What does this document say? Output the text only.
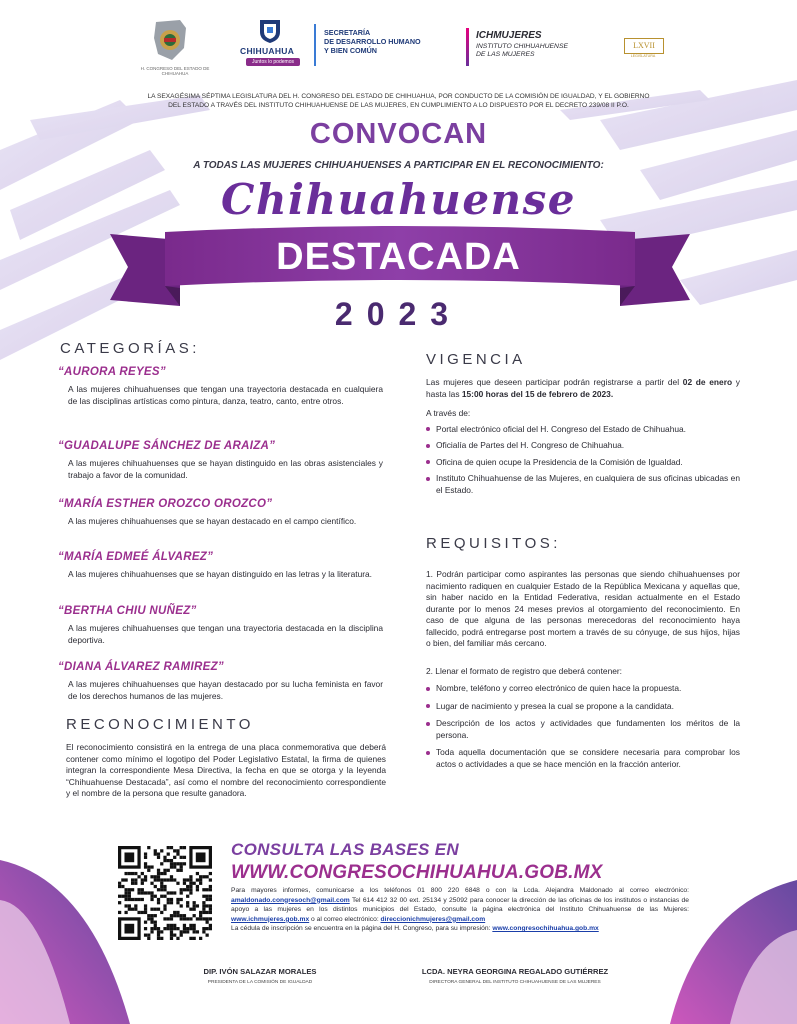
H. CONGRESO DEL ESTADO DE CHIHUAHUA
CHIHUAHUA
Juntos lo podemos
SECRETARÍA
DE DESARROLLO HUMANO
Y BIEN COMÚN
ICHMUJERES
INSTITUTO CHIHUAHUENSE
DE LAS MUJERES
LXVII
LEGISLATURA
LA SEXAGÉSIMA SÉPTIMA LEGISLATURA DEL H. CONGRESO DEL ESTADO DE CHIHUAHUA, POR CONDUCTO DE LA COMISIÓN DE IGUALDAD, Y EL GOBIERNO
DEL ESTADO A TRAVÉS DEL INSTITUTO CHIHUAHUENSE DE LAS MUJERES, EN CUMPLIMIENTO A LO DISPUESTO POR EL DECRETO 239/08 II P.O.
CONVOCAN
A TODAS LAS MUJERES CHIHUAHUENSES A PARTICIPAR EN EL RECONOCIMIENTO:
Chihuahuense
DESTACADA
2023
CATEGORÍAS:
“AURORA REYES”
A las mujeres chihuahuenses que tengan una trayectoria destacada en cualquiera de las disciplinas artísticas como pintura, danza, teatro, canto, entre otros.
“GUADALUPE SÁNCHEZ DE ARAIZA”
A las mujeres chihuahuenses que se hayan distinguido en las obras asistenciales y trabajo a favor de la comunidad.
“MARÍA ESTHER OROZCO OROZCO”
A las mujeres chihuahuenses que se hayan destacado en el campo científico.
“MARÍA EDMEÉ ÁLVAREZ”
A las mujeres chihuahuenses que se hayan distinguido en las letras y la literatura.
“BERTHA CHIU NUÑEZ”
A las mujeres chihuahuenses que tengan una trayectoria destacada en la disciplina deportiva.
“DIANA ÁLVAREZ RAMIREZ”
A las mujeres chihuahuenses que hayan destacado por su lucha feminista en favor de los derechos humanos de las mujeres.
RECONOCIMIENTO
El reconocimiento consistirá en la entrega de una placa conmemorativa que deberá contener como mínimo el logotipo del Poder Legislativo Estatal, la firma de quienes integran la correspondiente Mesa Directiva, la fecha en que se otorga y la leyenda “Chihuahuense Destacada”, así como el nombre del reconocimiento correspondiente y el nombre de la persona que resulte ganadora.
VIGENCIA
Las mujeres que deseen participar podrán registrarse a partir del 02 de enero y hasta las 15:00 horas del 15 de febrero de 2023.
A través de:
Portal electrónico oficial del H. Congreso del Estado de Chihuahua.
Oficialía de Partes del H. Congreso de Chihuahua.
Oficina de quien ocupe la Presidencia de la Comisión de Igualdad.
Instituto Chihuahuense de las Mujeres, en cualquiera de sus oficinas ubicadas en el Estado.
REQUISITOS:
1. Podrán participar como aspirantes las personas que siendo chihuahuenses por nacimiento radiquen en cualquier Estado de la República Mexicana y aquellas que, sin haber nacido en la Entidad Federativa, residan actualmente en el Estado durante por lo menos 24 meses previos al otorgamiento del reconocimiento. En caso de que alguna de las personas merecedoras del reconocimiento haya fallecido, podrá entregarse post mortem a través de su cónyuge, de sus hijos, hijas o bien, del familiar más cercano.
2. Llenar el formato de registro que deberá contener:
Nombre, teléfono y correo electrónico de quien hace la propuesta.
Lugar de nacimiento y presea la cual se propone a la candidata.
Descripción de los actos y actividades que fundamenten los méritos de la persona.
Toda aquella documentación que se considere necesaria para comprobar los actos o actividades a que se hace mención en la fracción anterior.
CONSULTA LAS BASES EN
WWW.CONGRESOCHIHUAHUA.GOB.MX
Para mayores informes, comunicarse a los teléfonos 01 800 220 6848 o con la Lcda. Alejandra Maldonado al correo electrónico: amaldonado.congresoch@gmail.com Tel 614 412 32 00 ext. 25134 y 25092 para conocer la dirección de las oficinas de los institutos o instancias de apoyo a las mujeres en los distintos municipios del Estado, consulte la página electrónica del Instituto Chihuahuense de las Mujeres: www.ichmujeres.gob.mx o al correo electrónico: direccionichmujeres@gmail.com
La cédula de inscripción se encuentra en la página del H. Congreso, para su impresión: www.congresochihuahua.gob.mx
DIP. IVÓN SALAZAR MORALES
PRESIDENTA DE LA COMISIÓN DE IGUALDAD
LCDA. NEYRA GEORGINA REGALADO GUTIÉRREZ
DIRECTORA GENERAL DEL INSTITUTO CHIHUAHUENSE DE LAS MUJERES
